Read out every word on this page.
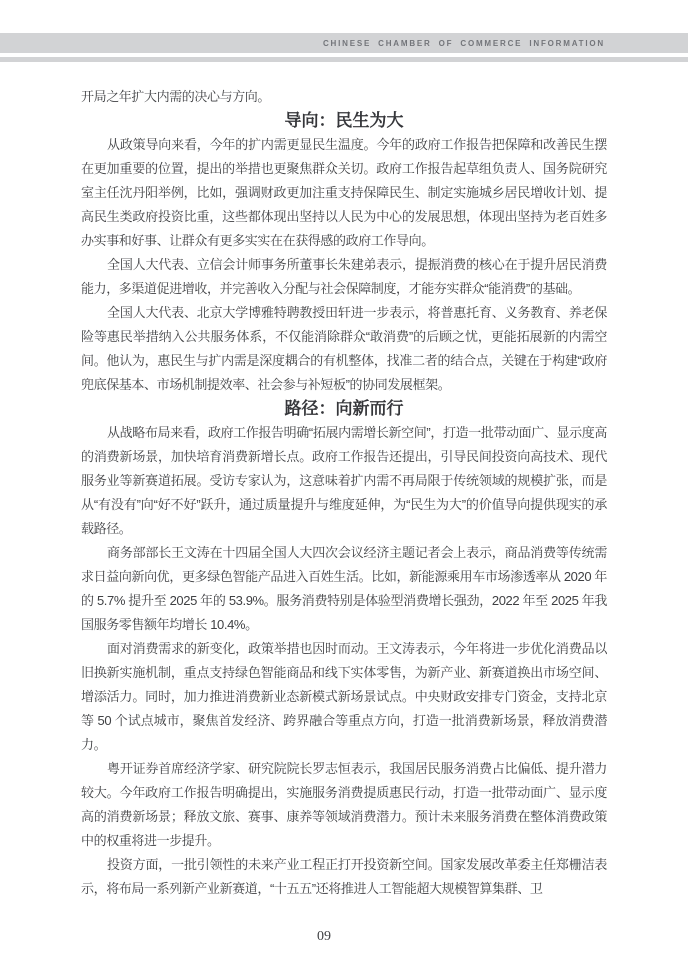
CHINESE CHAMBER OF COMMERCE INFORMATION

开局之年扩大内需的决心与方向。

导向：民生为大

从政策导向来看，今年的扩内需更显民生温度。今年的政府工作报告把保障和改善民生摆在更加重要的位置，提出的举措也更聚焦群众关切。政府工作报告起草组负责人、国务院研究室主任沈丹阳举例，比如，强调财政更加注重支持保障民生、制定实施城乡居民增收计划、提高民生类政府投资比重，这些都体现出坚持以人民为中心的发展思想，体现出坚持为老百姓多办实事和好事、让群众有更多实实在在获得感的政府工作导向。

全国人大代表、立信会计师事务所董事长朱建弟表示，提振消费的核心在于提升居民消费能力，多渠道促进增收，并完善收入分配与社会保障制度，才能夯实群众“能消费”的基础。

全国人大代表、北京大学博雅特聘教授田轩进一步表示，将普惠托育、义务教育、养老保险等惠民举措纳入公共服务体系，不仅能消除群众“敢消费”的后顾之忧，更能拓展新的内需空间。他认为，惠民生与扩内需是深度耦合的有机整体，找准二者的结合点，关键在于构建“政府兜底保基本、市场机制提效率、社会参与补短板”的协同发展框架。

路径：向新而行

从战略布局来看，政府工作报告明确“拓展内需增长新空间”，打造一批带动面广、显示度高的消费新场景，加快培育消费新增长点。政府工作报告还提出，引导民间投资向高技术、现代服务业等新赛道拓展。受访专家认为，这意味着扩内需不再局限于传统领域的规模扩张，而是从“有没有”向“好不好”跃升，通过质量提升与维度延伸，为“民生为大”的价值导向提供现实的承载路径。

商务部部长王文涛在十四届全国人大四次会议经济主题记者会上表示，商品消费等传统需求日益向新向优，更多绿色智能产品进入百姓生活。比如，新能源乘用车市场渗透率从 2020 年的 5.7% 提升至 2025 年的 53.9%。服务消费特别是体验型消费增长强劲，2022 年至 2025 年我国服务零售额年均增长 10.4%。

面对消费需求的新变化，政策举措也因时而动。王文涛表示，今年将进一步优化消费品以旧换新实施机制，重点支持绿色智能商品和线下实体零售，为新产业、新赛道换出市场空间、增添活力。同时，加力推进消费新业态新模式新场景试点。中央财政安排专门资金，支持北京等 50 个试点城市，聚焦首发经济、跨界融合等重点方向，打造一批消费新场景，释放消费潜力。

粤开证券首席经济学家、研究院院长罗志恒表示，我国居民服务消费占比偏低、提升潜力较大。今年政府工作报告明确提出，实施服务消费提质惠民行动，打造一批带动面广、显示度高的消费新场景；释放文旅、赛事、康养等领域消费潜力。预计未来服务消费在整体消费政策中的权重将进一步提升。

投资方面，一批引领性的未来产业工程正打开投资新空间。国家发展改革委主任郑栅洁表示，将布局一系列新产业新赛道，“十五五”还将推进人工智能超大规模智算集群、卫

09
